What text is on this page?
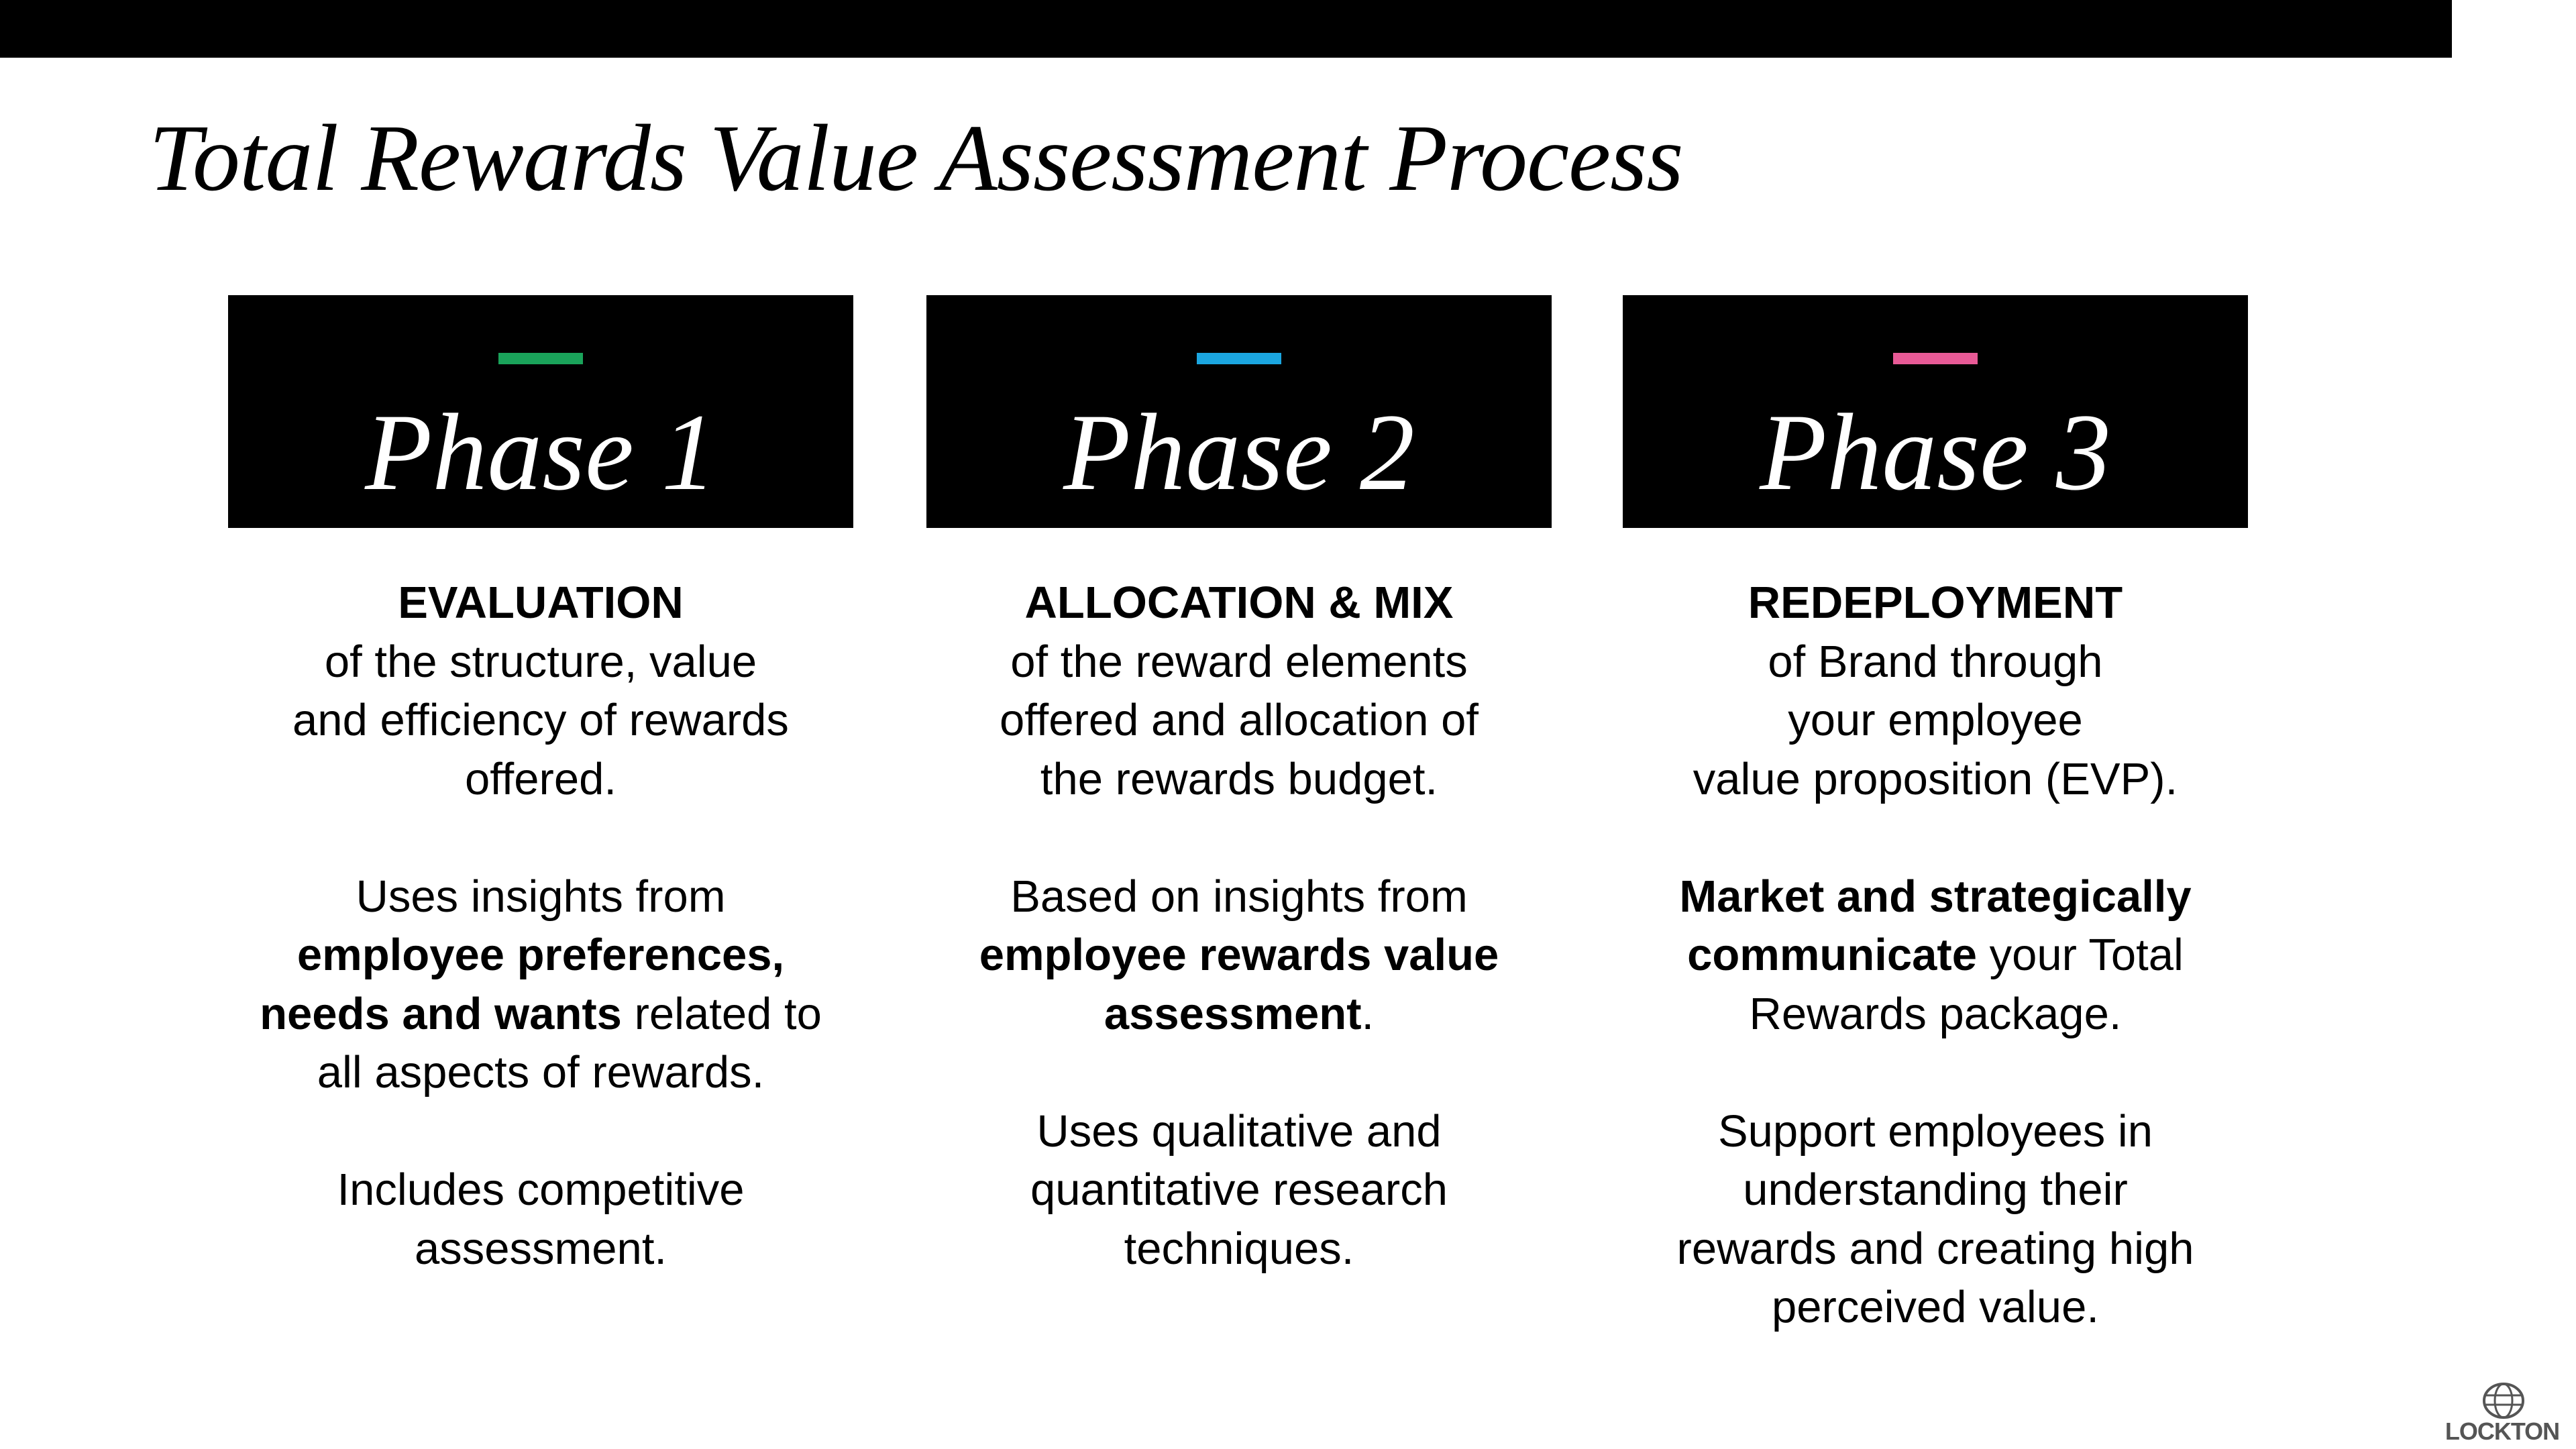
Total Rewards Value Assessment Process
Phase 1	Phase 2	Phase 3
EVALUATION
of the structure, value
and efficiency of rewards
offered.
Uses insights from
employee preferences,
needs and wants related to
all aspects of rewards.
Includes competitive
assessment.
ALLOCATION & MIX
of the reward elements
offered and allocation of
the rewards budget.
Based on insights from
employee rewards value
assessment.
Uses qualitative and
quantitative research
techniques.
REDEPLOYMENT
of Brand through
your employee
value proposition (EVP).
Market and strategically
communicate your Total
Rewards package.
Support employees in
understanding their
rewards and creating high
perceived value.
LOCKTON
